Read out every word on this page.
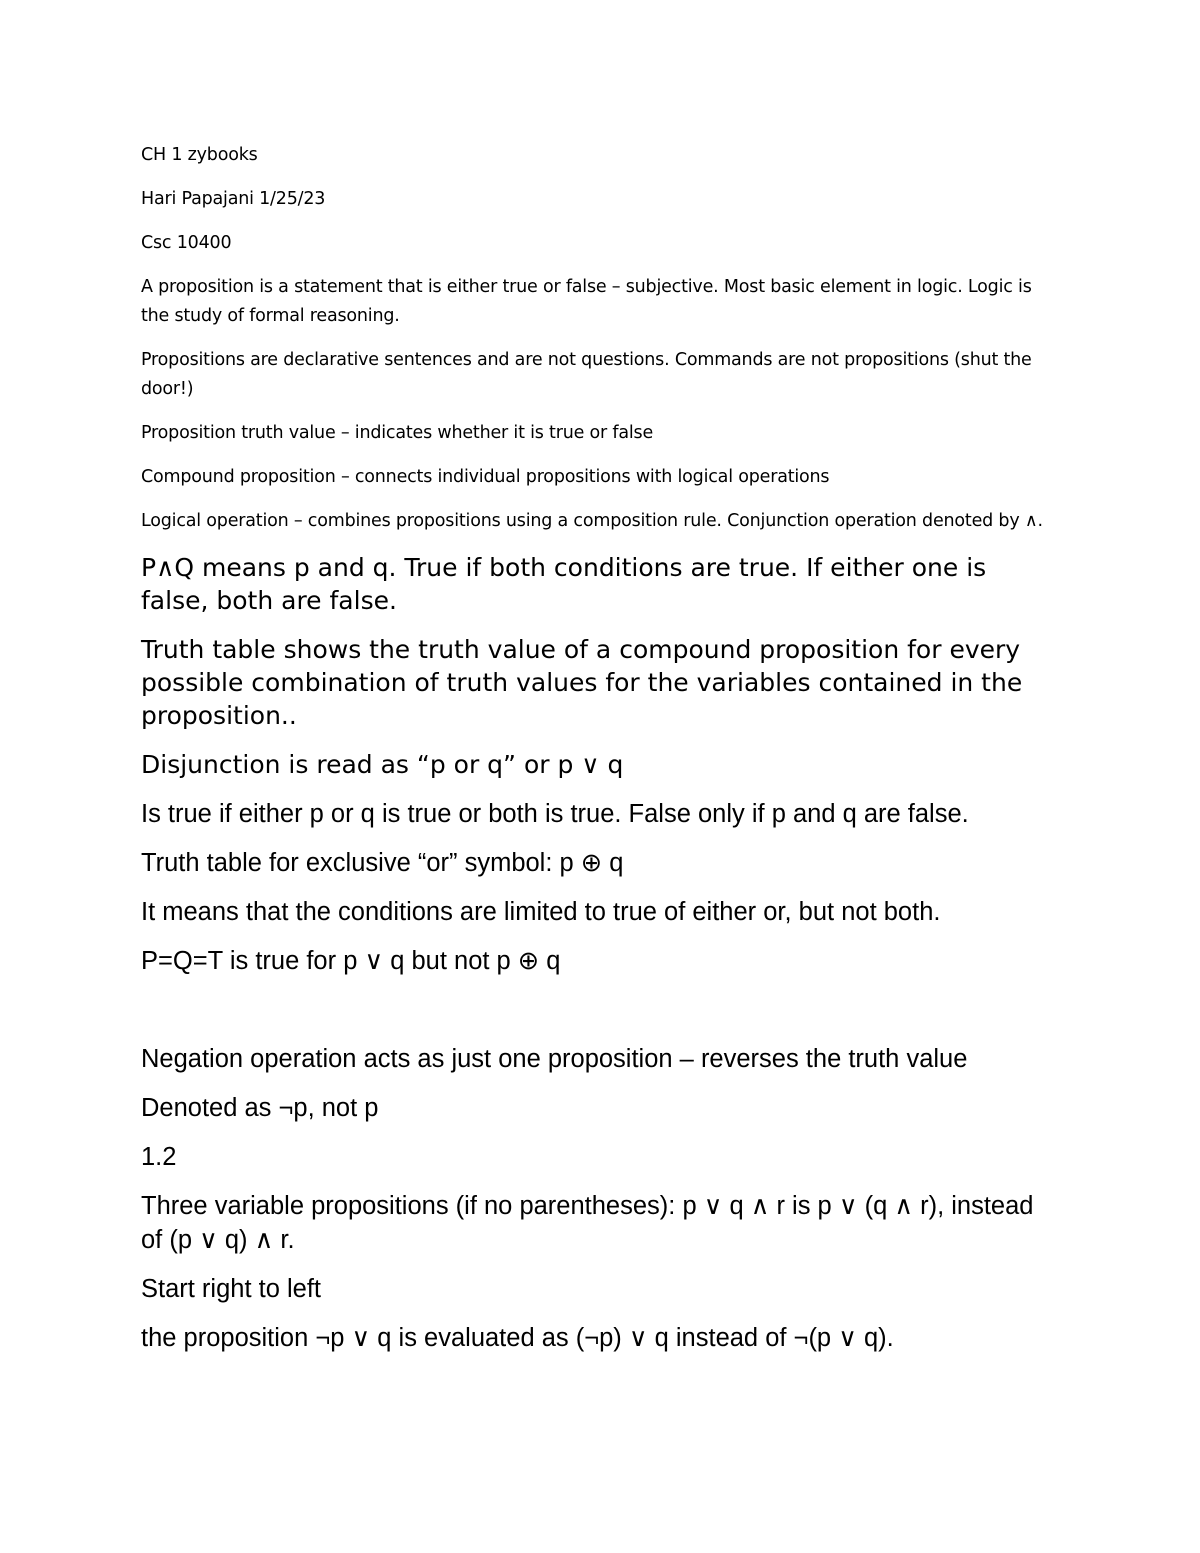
CH 1 zybooks

Hari Papajani 1/25/23

Csc 10400

A proposition is a statement that is either true or false – subjective. Most basic element in logic. Logic is the study of formal reasoning.

Propositions are declarative sentences and are not questions. Commands are not propositions (shut the door!)

Proposition truth value – indicates whether it is true or false

Compound proposition – connects individual propositions with logical operations

Logical operation – combines propositions using a composition rule. Conjunction operation denoted by ∧.

P∧Q means p and q. True if both conditions are true. If either one is false, both are false.

Truth table shows the truth value of a compound proposition for every possible combination of truth values for the variables contained in the proposition..

Disjunction is read as “p or q” or p ∨ q

Is true if either p or q is true or both is true. False only if p and q are false.

Truth table for exclusive “or” symbol: p ⊕ q

It means that the conditions are limited to true of either or, but not both.

P=Q=T is true for p ∨ q but not p ⊕ q

Negation operation acts as just one proposition – reverses the truth value

Denoted as ¬p, not p

1.2

Three variable propositions (if no parentheses): p ∨ q ∧ r is p ∨ (q ∧ r), instead of (p ∨ q) ∧ r.

Start right to left

the proposition ¬p ∨ q is evaluated as (¬p) ∨ q instead of ¬(p ∨ q).
